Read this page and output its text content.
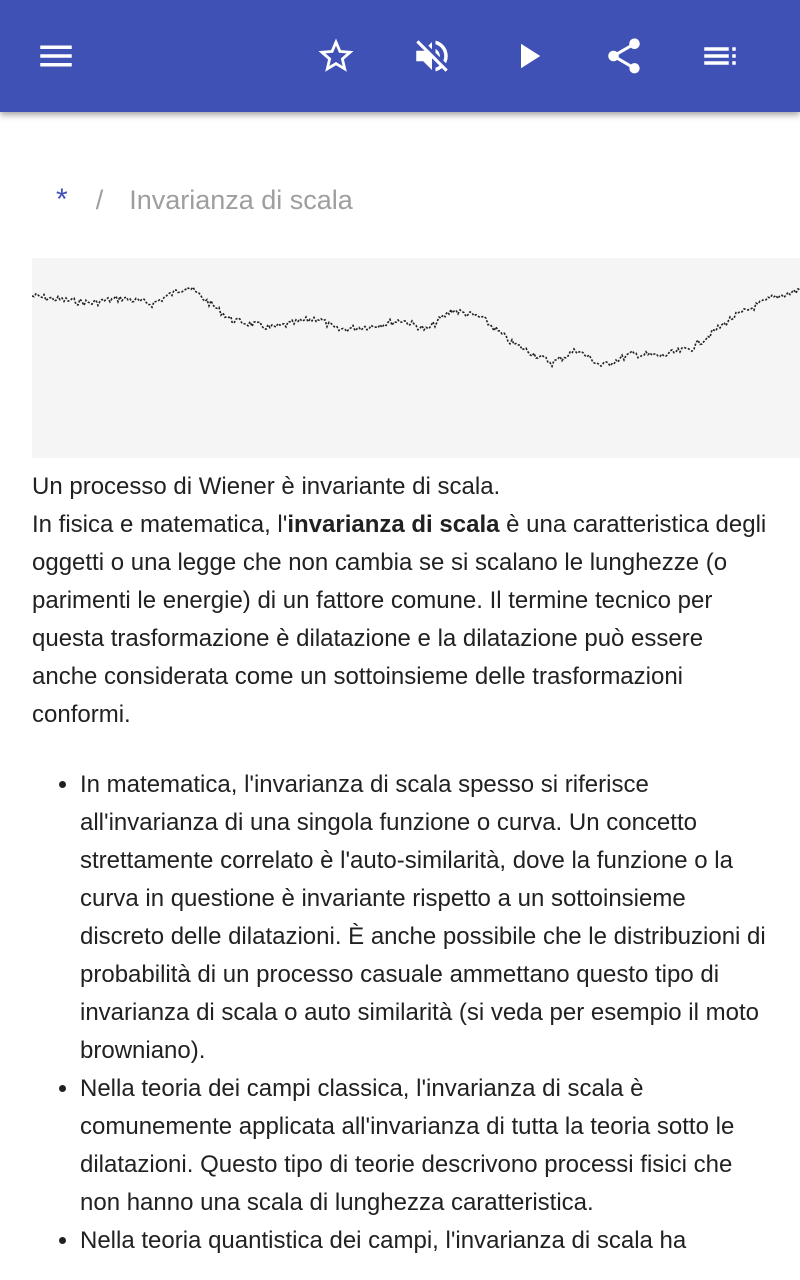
* / Invarianza di scala

Un processo di Wiener è invariante di scala.

In fisica e matematica, l'invarianza di scala è una caratteristica degli oggetti o una legge che non cambia se si scalano le lunghezze (o parimenti le energie) di un fattore comune. Il termine tecnico per questa trasformazione è dilatazione e la dilatazione può essere anche considerata come un sottoinsieme delle trasformazioni conformi.

• In matematica, l'invarianza di scala spesso si riferisce all'invarianza di una singola funzione o curva. Un concetto strettamente correlato è l'auto-similarità, dove la funzione o la curva in questione è invariante rispetto a un sottoinsieme discreto delle dilatazioni. È anche possibile che le distribuzioni di probabilità di un processo casuale ammettano questo tipo di invarianza di scala o auto similarità (si veda per esempio il moto browniano).
• Nella teoria dei campi classica, l'invarianza di scala è comunemente applicata all'invarianza di tutta la teoria sotto le dilatazioni. Questo tipo di teorie descrivono processi fisici che non hanno una scala di lunghezza caratteristica.
• Nella teoria quantistica dei campi, l'invarianza di scala ha
